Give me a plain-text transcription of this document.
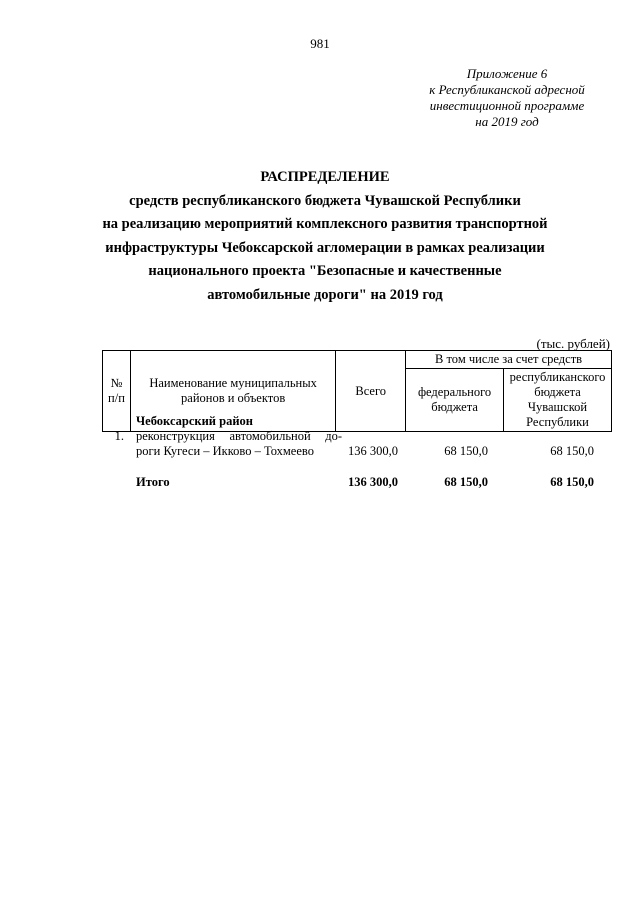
981
Приложение 6
к Республиканской адресной
инвестиционной программе
на 2019 год
РАСПРЕДЕЛЕНИЕ
средств республиканского бюджета Чувашской Республики
на реализацию мероприятий комплексного развития транспортной
инфраструктуры Чебоксарской агломерации в рамках реализации
национального проекта "Безопасные и качественные
автомобильные дороги" на 2019 год
(тыс. рублей)
№ п/п	Наименование муниципальных районов и объектов	Всего	В том числе за счет средств	
			федерального бюджета	республиканского бюджета Чувашской Республики
Чебоксарский район
1. реконструкция автомобильной до-
роги Кугеси – Икково – Тохмеево	136 300,0	68 150,0	68 150,0
Итого	136 300,0	68 150,0	68 150,0
